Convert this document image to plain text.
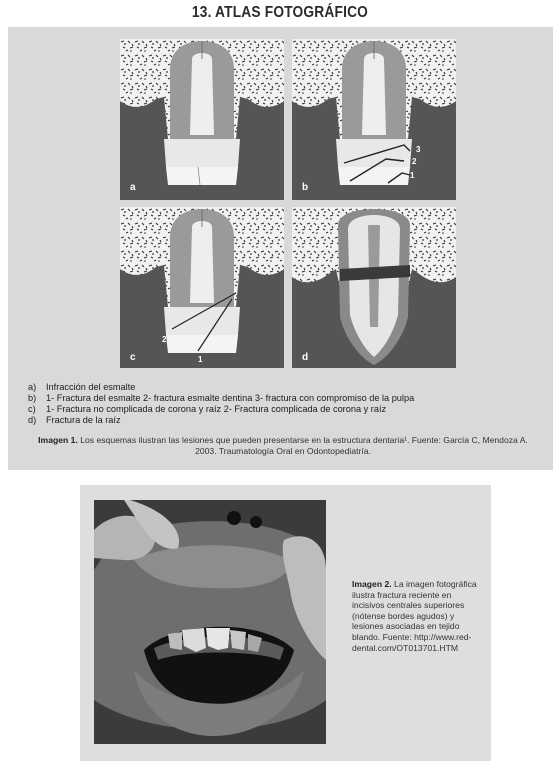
13. ATLAS FOTOGRÁFICO
a
3
2
1
b
2
1
c	d
a)	Infracción del esmalte
b)	1- Fractura del esmalte 2- fractura esmalte dentina 3- fractura con compromiso de la pulpa
c)	1- Fractura no complicada de corona y raíz 2- Fractura complicada de corona y raíz
d)	Fractura de la raíz
Imagen 1. Los esquemas ilustran las lesiones que pueden presentarse en la estructura dentaria¹. Fuente: García C, Mendoza A. 2003. Traumatología Oral en Odontopediatría.
Imagen 2. La imagen fotográfica ilustra fractura reciente en incisivos centrales superiores (nótense bordes agudos) y lesiones asociadas en tejido blando. Fuente: http://www.red-dental.com/OT013701.HTM
